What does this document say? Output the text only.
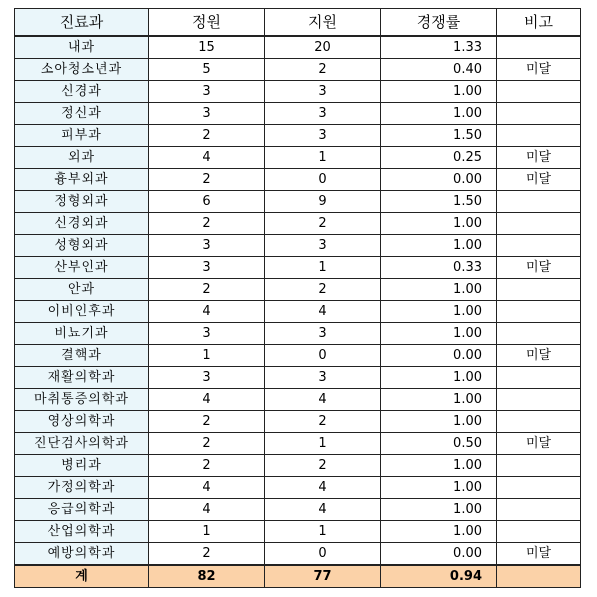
진료과	정원	지원	경쟁률	비고
내과	15	20	1.33	
소아청소년과	5	2	0.40	미달
신경과	3	3	1.00	
정신과	3	3	1.00	
피부과	2	3	1.50	
외과	4	1	0.25	미달
흉부외과	2	0	0.00	미달
정형외과	6	9	1.50	
신경외과	2	2	1.00	
성형외과	3	3	1.00	
산부인과	3	1	0.33	미달
안과	2	2	1.00	
이비인후과	4	4	1.00	
비뇨기과	3	3	1.00	
결핵과	1	0	0.00	미달
재활의학과	3	3	1.00	
마취통증의학과	4	4	1.00	
영상의학과	2	2	1.00	
진단검사의학과	2	1	0.50	미달
병리과	2	2	1.00	
가정의학과	4	4	1.00	
응급의학과	4	4	1.00	
산업의학과	1	1	1.00	
예방의학과	2	0	0.00	미달
계	82	77	0.94	
